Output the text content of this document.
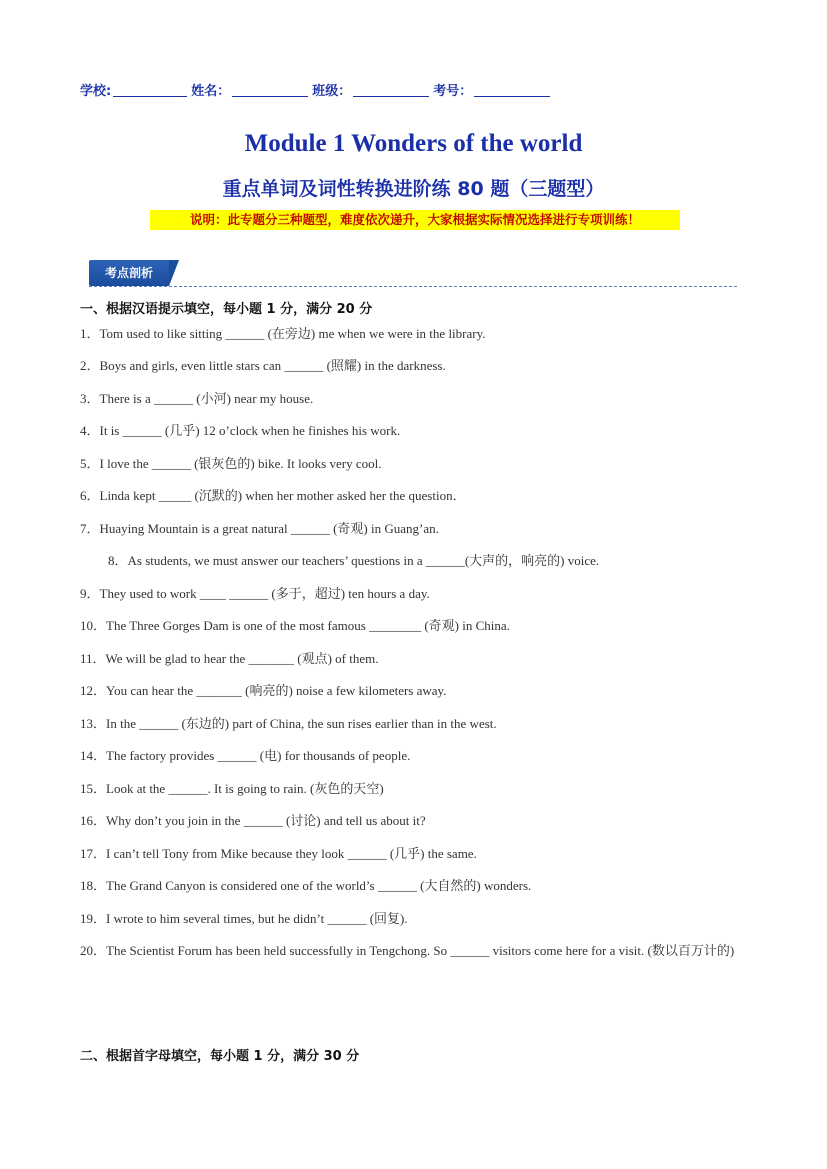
学校:	姓名：	班级：	考号：
Module 1 Wonders of the world
重点单词及词性转换进阶练 80 题（三题型）
说明：此专题分三种题型，难度依次递升，大家根据实际情况选择进行专项训练！
考点剖析
一、根据汉语提示填空，每小题 1 分，满分 20 分
1．Tom used to like sitting ______ (在旁边) me when we were in the library.
2．Boys and girls, even little stars can ______ (照耀) in the darkness.
3．There is a ______ (小河) near my house.
4．It is ______ (几乎) 12 o’clock when he finishes his work.
5．I love the ______ (银灰色的) bike. It looks very cool.
6．Linda kept _____ (沉默的) when her mother asked her the question．
7．Huaying Mountain is a great natural ______ (奇观) in Guang’an.
8．As students, we must answer our teachers’ questions in a ______(大声的，响亮的) voice.
9．They used to work ____ ______ (多于，超过) ten hours a day.
10．The Three Gorges Dam is one of the most famous ________ (奇观) in China.
11．We will be glad to hear the _______ (观点) of them.
12．You can hear the _______ (响亮的) noise a few kilometers away.
13．In the ______ (东边的) part of China, the sun rises earlier than in the west.
14．The factory provides ______ (电) for thousands of people.
15．Look at the ______. It is going to rain. (灰色的天空)
16．Why don’t you join in the ______ (讨论) and tell us about it?
17．I can’t tell Tony from Mike because they look ______ (几乎) the same.
18．The Grand Canyon is considered one of the world’s ______ (大自然的) wonders.
19．I wrote to him several times, but he didn’t ______ (回复).
20．The Scientist Forum has been held successfully in Tengchong. So ______ visitors come here for a visit. (数以百万计的)
二、根据首字母填空，每小题 1 分，满分 30 分
